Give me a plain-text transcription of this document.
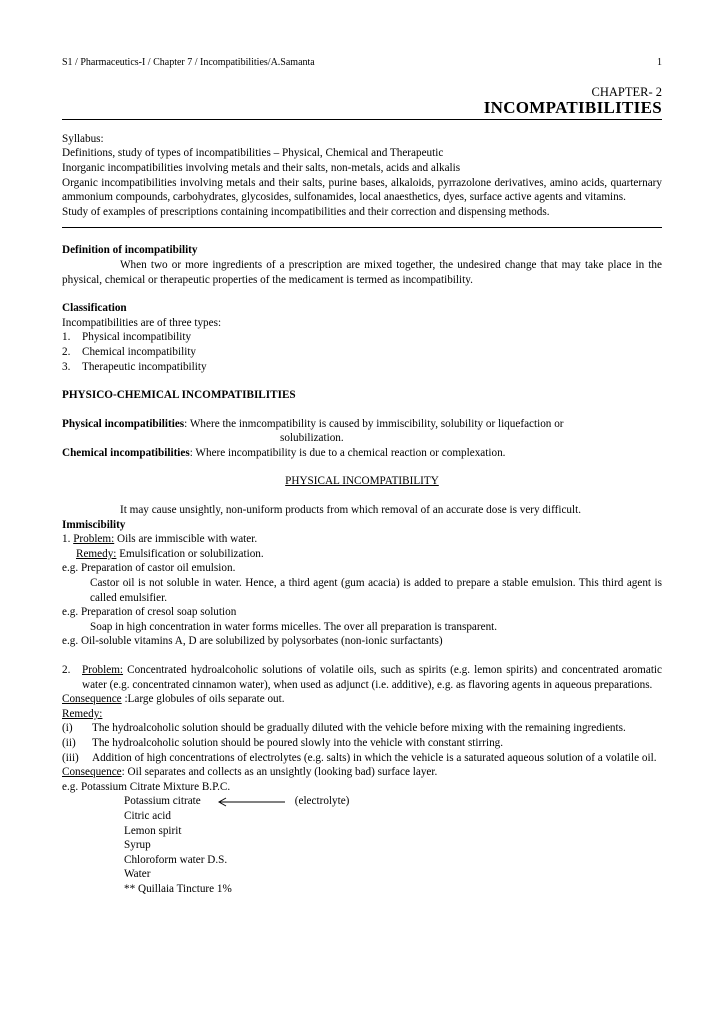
S1 / Pharmaceutics-I / Chapter 7 / Incompatibilities/A.Samanta	1
CHAPTER- 2
INCOMPATIBILITIES

Syllabus:

Definitions, study of types of incompatibilities – Physical, Chemical and Therapeutic

Inorganic incompatibilities involving metals and their salts, non-metals, acids and alkalis

Organic incompatibilities involving metals and their salts, purine bases, alkaloids, pyrrazolone derivatives, amino acids, quarternary ammonium compounds, carbohydrates, glycosides, sulfonamides, local anaesthetics, dyes, surface active agents and vitamins.

Study of examples of prescriptions containing incompatibilities and their correction and dispensing methods.

Definition of incompatibility

When two or more ingredients of a prescription are mixed together, the undesired change that may take place in the physical, chemical or therapeutic properties of the medicament is termed as incompatibility.

Classification

Incompatibilities are of three types:

1.	Physical incompatibility
2.	Chemical incompatibility
3.	Therapeutic incompatibility

PHYSICO-CHEMICAL INCOMPATIBILITIES

Physical incompatibilities: Where the inmcompatibility is caused by immiscibility, solubility or liquefaction or

solubilization.

Chemical incompatibilities: Where incompatibility is due to a chemical reaction or complexation.

PHYSICAL INCOMPATIBILITY

It may cause unsightly, non-uniform products from which removal of an accurate dose is very difficult.

Immiscibility

1. Problem: Oils are immiscible with water.

Remedy: Emulsification or solubilization.

e.g. Preparation of castor oil emulsion.

Castor oil is not soluble in water. Hence, a third agent (gum acacia) is added to prepare a stable emulsion. This third agent is called emulsifier.

e.g. Preparation of cresol soap solution

Soap in high concentration in water forms micelles. The over all preparation is transparent.

e.g. Oil-soluble vitamins A, D are solubilized by polysorbates (non-ionic surfactants)

2.	Problem: Concentrated hydroalcoholic solutions of volatile oils, such as spirits (e.g. lemon spirits) and concentrated aromatic water (e.g. concentrated cinnamon water), when used as adjunct (i.e. additive), e.g. as flavoring agents in aqueous preparations.

Consequence :Large globules of oils separate out.

Remedy:

(i)	The hydroalcoholic solution should be gradually diluted with the vehicle before mixing with the remaining ingredients.
(ii)	The hydroalcoholic solution should be poured slowly into the vehicle with constant stirring.
(iii)	Addition of high concentrations of electrolytes (e.g. salts) in which the vehicle is a saturated aqueous solution of a volatile oil.

Consequence: Oil separates and collects as an unsightly (looking bad) surface layer.

e.g. Potassium Citrate Mixture B.P.C.

Potassium citrate	(electrolyte)

Citric acid

Lemon spirit

Syrup

Chloroform water D.S.

Water

** Quillaia Tincture 1%
